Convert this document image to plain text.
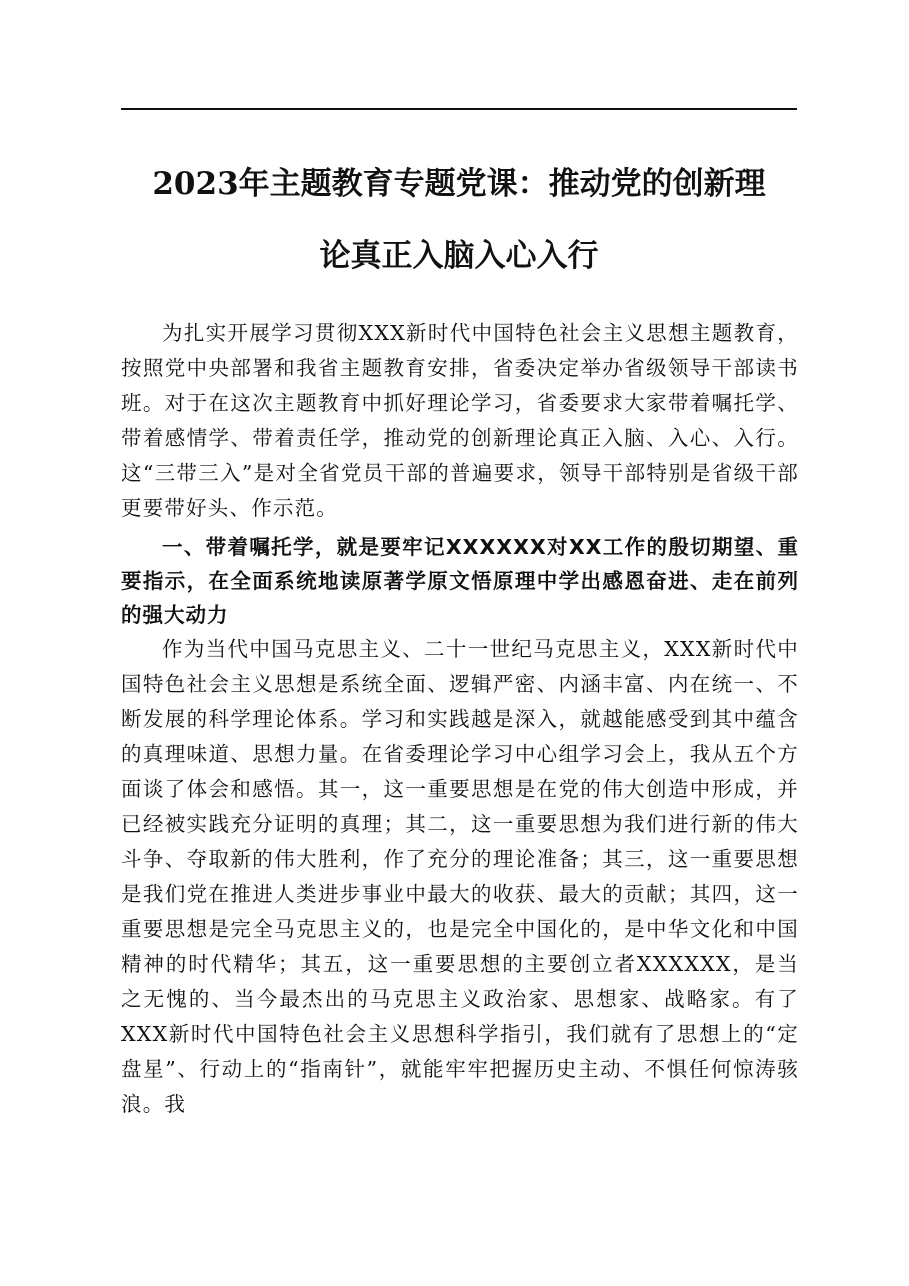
2023年主题教育专题党课：推动党的创新理
论真正入脑入心入行

为扎实开展学习贯彻XXX新时代中国特色社会主义思想主题教育，按照党中央部署和我省主题教育安排，省委决定举办省级领导干部读书班。对于在这次主题教育中抓好理论学习，省委要求大家带着嘱托学、带着感情学、带着责任学，推动党的创新理论真正入脑、入心、入行。这“三带三入”是对全省党员干部的普遍要求，领导干部特别是省级干部更要带好头、作示范。

一、带着嘱托学，就是要牢记XXXXXX对XX工作的殷切期望、重要指示，在全面系统地读原著学原文悟原理中学出感恩奋进、走在前列的强大动力

作为当代中国马克思主义、二十一世纪马克思主义，XXX新时代中国特色社会主义思想是系统全面、逻辑严密、内涵丰富、内在统一、不断发展的科学理论体系。学习和实践越是深入，就越能感受到其中蕴含的真理味道、思想力量。在省委理论学习中心组学习会上，我从五个方面谈了体会和感悟。其一，这一重要思想是在党的伟大创造中形成，并已经被实践充分证明的真理；其二，这一重要思想为我们进行新的伟大斗争、夺取新的伟大胜利，作了充分的理论准备；其三，这一重要思想是我们党在推进人类进步事业中最大的收获、最大的贡献；其四，这一重要思想是完全马克思主义的，也是完全中国化的，是中华文化和中国精神的时代精华；其五，这一重要思想的主要创立者XXXXXX，是当之无愧的、当今最杰出的马克思主义政治家、思想家、战略家。有了XXX新时代中国特色社会主义思想科学指引，我们就有了思想上的“定盘星”、行动上的“指南针”，就能牢牢把握历史主动、不惧任何惊涛骇浪。我
